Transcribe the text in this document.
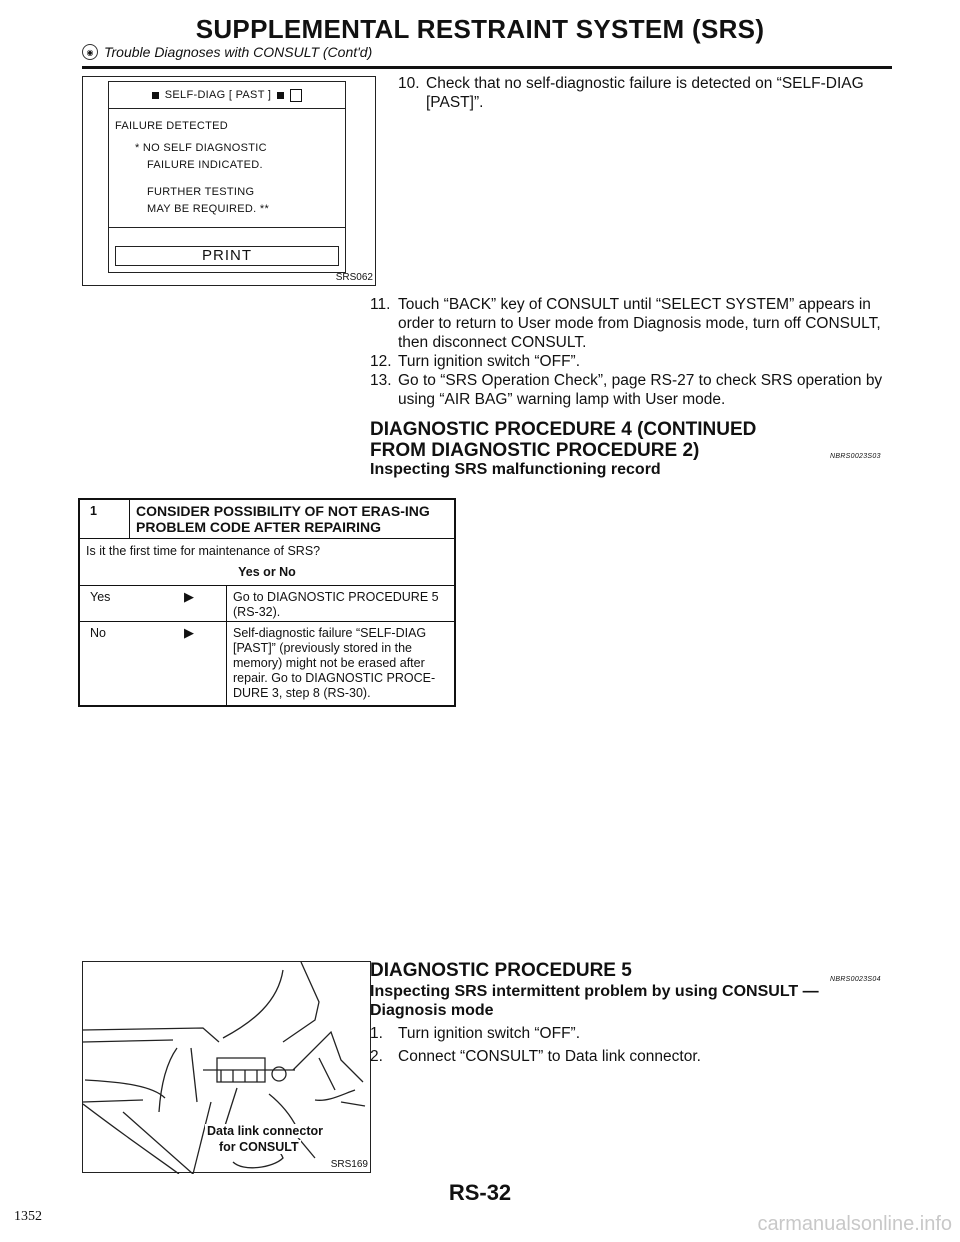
SUPPLEMENTAL RESTRAINT SYSTEM (SRS)
◉ Trouble Diagnoses with CONSULT (Cont'd)
SELF-DIAG [ PAST ]
FAILURE DETECTED
* NO SELF DIAGNOSTIC
FAILURE INDICATED.
FURTHER TESTING
MAY BE REQUIRED. **
PRINT
SRS062
10. Check that no self-diagnostic failure is detected on “SELF-DIAG [PAST]”.
11. Touch “BACK” key of CONSULT until “SELECT SYSTEM” appears in order to return to User mode from Diagnosis mode, turn off CONSULT, then disconnect CONSULT.
12. Turn ignition switch “OFF”.
13. Go to “SRS Operation Check”, page RS-27 to check SRS operation by using “AIR BAG” warning lamp with User mode.
DIAGNOSTIC PROCEDURE 4 (CONTINUED FROM DIAGNOSTIC PROCEDURE 2)	NBRS0023S03
Inspecting SRS malfunctioning record
1	CONSIDER POSSIBILITY OF NOT ERAS-ING PROBLEM CODE AFTER REPAIRING
Is it the first time for maintenance of SRS?
Yes or No
Yes	▶	Go to DIAGNOSTIC PROCEDURE 5 (RS-32).
No	▶	Self-diagnostic failure “SELF-DIAG [PAST]” (previously stored in the memory) might not be erased after repair. Go to DIAGNOSTIC PROCE-DURE 3, step 8 (RS-30).
Data link connector
for CONSULT
SRS169
DIAGNOSTIC PROCEDURE 5	NBRS0023S04
Inspecting SRS intermittent problem by using CONSULT — Diagnosis mode
1. Turn ignition switch “OFF”.
2. Connect “CONSULT” to Data link connector.
RS-32
1352	carmanualsonline.info
